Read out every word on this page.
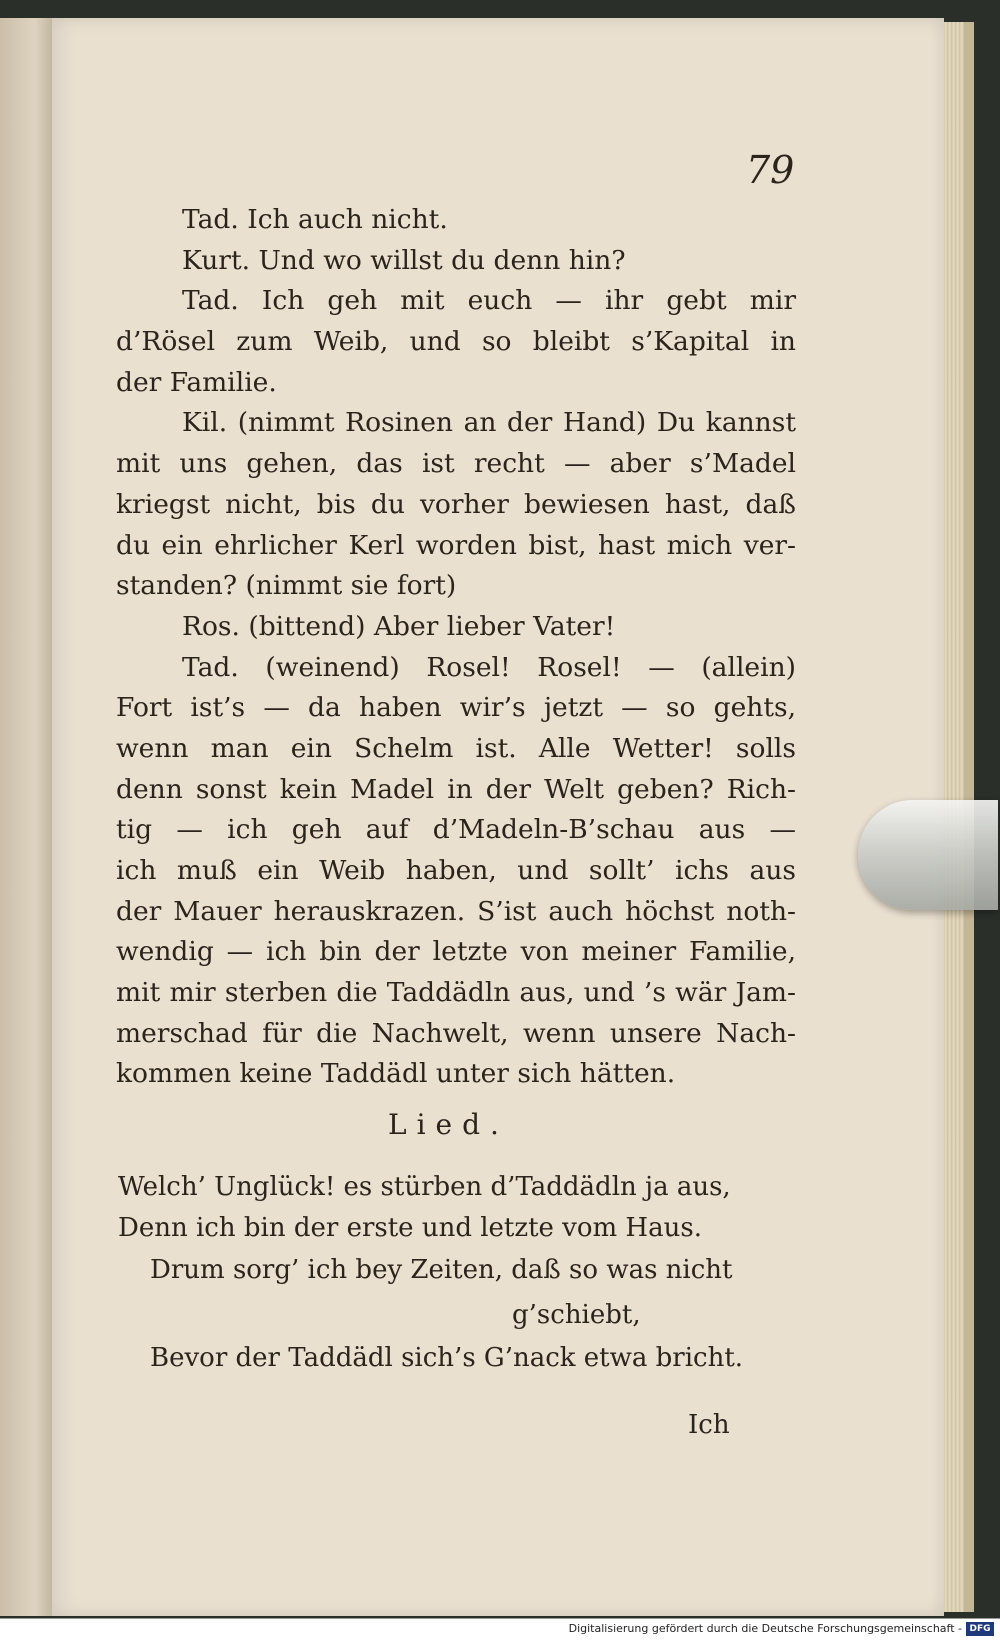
79
Tad. Ich auch nicht.
Kurt. Und wo willst du denn hin?
Tad. Ich geh mit euch — ihr gebt mir
d’Rösel zum Weib, und so bleibt s’Kapital in
der Familie.
Kil. (nimmt Rosinen an der Hand) Du kannst
mit uns gehen, das ist recht — aber s’Madel
kriegst nicht, bis du vorher bewiesen hast, daß
du ein ehrlicher Kerl worden bist, hast mich ver-
standen? (nimmt sie fort)
Ros. (bittend) Aber lieber Vater!
Tad. (weinend) Rosel! Rosel! — (allein)
Fort ist’s — da haben wir’s jetzt — so gehts,
wenn man ein Schelm ist. Alle Wetter! solls
denn sonst kein Madel in der Welt geben? Rich-
tig — ich geh auf d’Madeln-B’schau aus —
ich muß ein Weib haben, und sollt’ ichs aus
der Mauer herauskrazen. S’ist auch höchst noth-
wendig — ich bin der letzte von meiner Familie,
mit mir sterben die Taddädln aus, und ’s wär Jam-
merschad für die Nachwelt, wenn unsere Nach-
kommen keine Taddädl unter sich hätten.
Lied.
Welch’ Unglück! es stürben d’Taddädln ja aus,
Denn ich bin der erste und letzte vom Haus.
Drum sorg’ ich bey Zeiten, daß so was nicht
g’schiebt,
Bevor der Taddädl sich’s G’nack etwa bricht.
Ich
Digitalisierung gefördert durch die Deutsche Forschungsgemeinschaft - DFG
